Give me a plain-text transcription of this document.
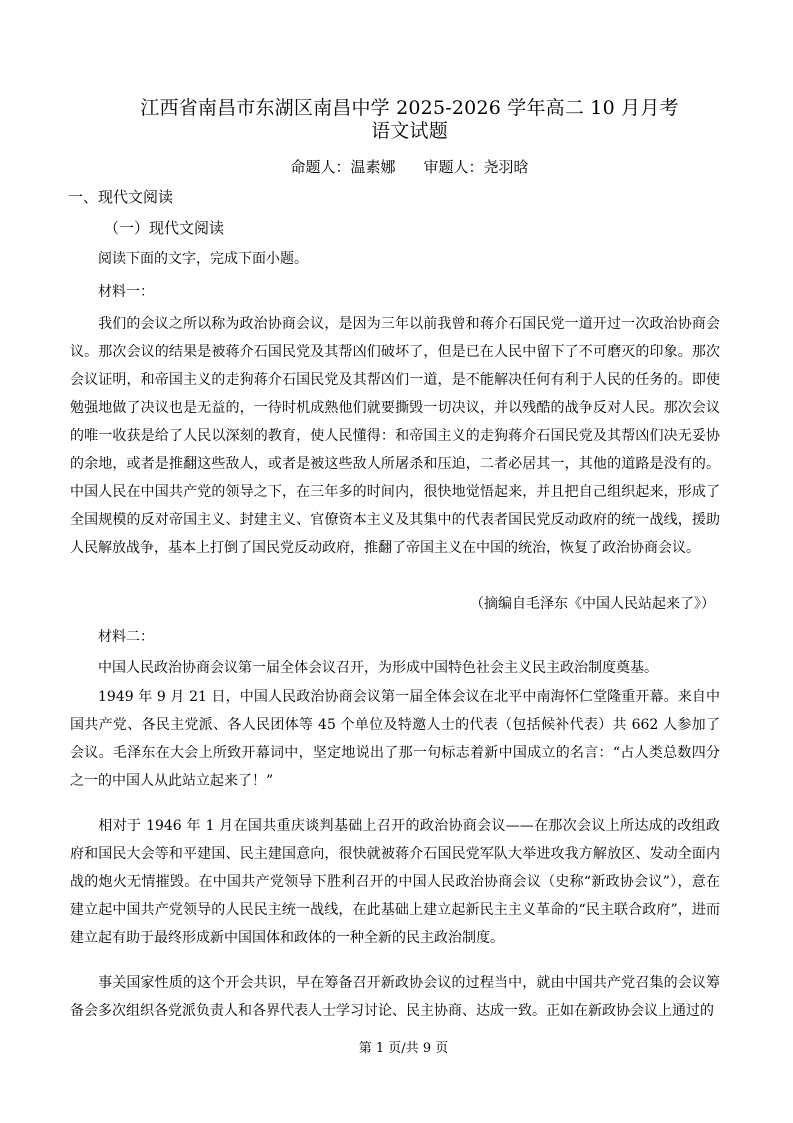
江西省南昌市东湖区南昌中学 2025-2026 学年高二 10 月月考
语文试题
命题人：温素娜 审题人：尧羽晗
一、现代文阅读
（一）现代文阅读
阅读下面的文字，完成下面小题。
材料一：
我们的会议之所以称为政治协商会议，是因为三年以前我曾和蒋介石国民党一道开过一次政治协商会议。那次会议的结果是被蒋介石国民党及其帮凶们破坏了，但是已在人民中留下了不可磨灭的印象。那次会议证明，和帝国主义的走狗蒋介石国民党及其帮凶们一道，是不能解决任何有利于人民的任务的。即使勉强地做了决议也是无益的，一待时机成熟他们就要撕毁一切决议，并以残酷的战争反对人民。那次会议的唯一收获是给了人民以深刻的教育，使人民懂得：和帝国主义的走狗蒋介石国民党及其帮凶们决无妥协的余地，或者是推翻这些敌人，或者是被这些敌人所屠杀和压迫，二者必居其一，其他的道路是没有的。中国人民在中国共产党的领导之下，在三年多的时间内，很快地觉悟起来，并且把自己组织起来，形成了全国规模的反对帝国主义、封建主义、官僚资本主义及其集中的代表者国民党反动政府的统一战线，援助人民解放战争，基本上打倒了国民党反动政府，推翻了帝国主义在中国的统治，恢复了政治协商会议。
（摘编自毛泽东《中国人民站起来了》）
材料二：
中国人民政治协商会议第一届全体会议召开，为形成中国特色社会主义民主政治制度奠基。
1949 年 9 月 21 日，中国人民政治协商会议第一届全体会议在北平中南海怀仁堂隆重开幕。来自中国共产党、各民主党派、各人民团体等 45 个单位及特邀人士的代表（包括候补代表）共 662 人参加了会议。毛泽东在大会上所致开幕词中，坚定地说出了那一句标志着新中国成立的名言：“占人类总数四分之一的中国人从此站立起来了！”
相对于 1946 年 1 月在国共重庆谈判基础上召开的政治协商会议——在那次会议上所达成的改组政府和国民大会等和平建国、民主建国意向，很快就被蒋介石国民党军队大举进攻我方解放区、发动全面内战的炮火无情摧毁。在中国共产党领导下胜利召开的中国人民政治协商会议（史称“新政协会议”），意在建立起中国共产党领导的人民民主统一战线，在此基础上建立起新民主主义革命的“民主联合政府”，进而建立起有助于最终形成新中国国体和政体的一种全新的民主政治制度。
事关国家性质的这个开会共识，早在筹备召开新政协会议的过程当中，就由中国共产党召集的会议筹备会多次组织各党派负责人和各界代表人士学习讨论、民主协商、达成一致。正如在新政协会议上通过的
第 1 页/共 9 页
